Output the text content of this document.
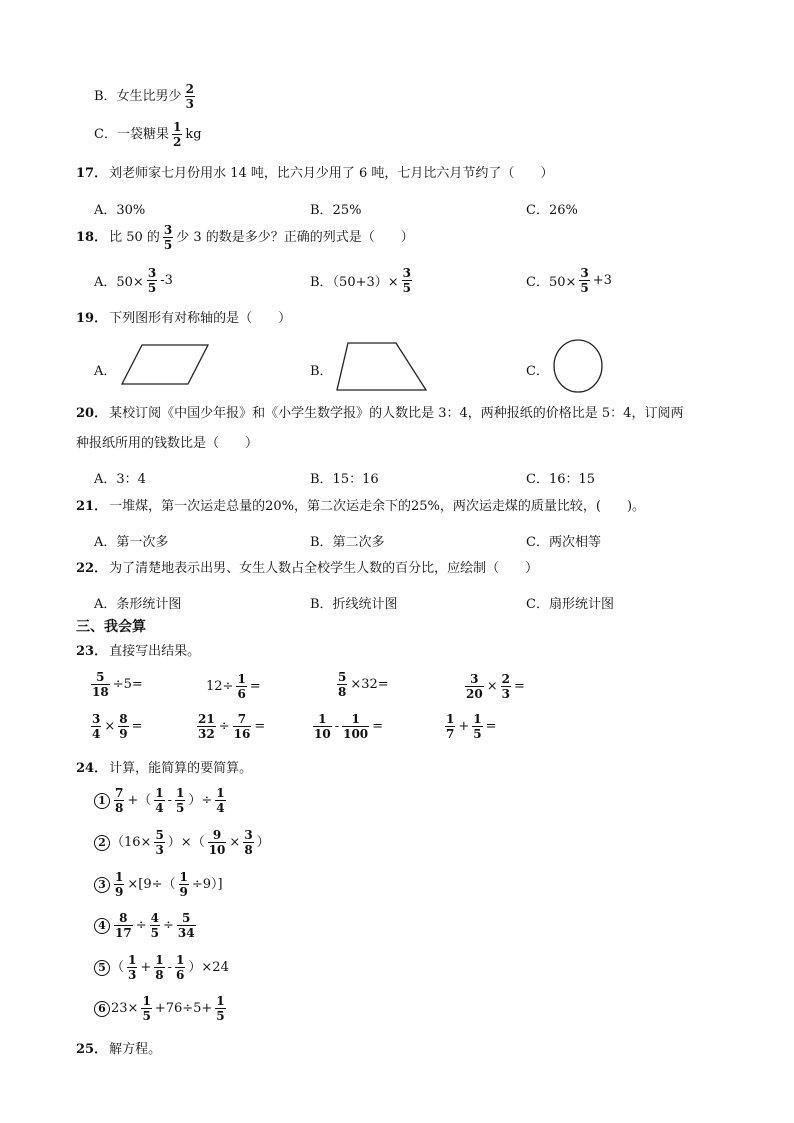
B．女生比男少 $\frac{2}{3}$
C．一袋糖果 $\frac{1}{2}$ kg
17． 刘老师家七月份用水 14 吨，比六月少用了 6 吨，七月比六月节约了（　　）
A．30%	B．25%	C．26%
18． 比 50 的 $\frac{3}{5}$ 少 3 的数是多少？正确的列式是（　　）
A．$50\times \frac{3}{5} -3$	B．$(50+3)\times \frac{3}{5}$	C．$50\times \frac{3}{5} +3$
19． 下列图形有对称轴的是（　　）
A．	B．	C．
20． 某校订阅《中国少年报》和《小学生数学报》的人数比是 3：4，两种报纸的价格比是 5：4，订阅两
种报纸所用的钱数比是（　　）
A．3：4	B．15：16	C．16：15
21． 一堆煤，第一次运走总量的20%，第二次运走余下的25%，两次运走煤的质量比较，(　　)。
A．第一次多	B．第二次多	C．两次相等
22． 为了清楚地表示出男、女生人数占全校学生人数的百分比，应绘制（　　）
A．条形统计图	B．折线统计图	C．扇形统计图
三、我会算
23． 直接写出结果。
$\frac{5}{18} \div 5=$	$12\div \frac{1}{6}$ =	$\frac{5}{8} \times 32=$	$\frac{3}{20} \times \frac{2}{3}$ =
$\frac{3}{4} \times \frac{8}{9}$ =	$\frac{21}{32} \div \frac{7}{16}$ =	$\frac{1}{10} - \frac{1}{100}$ =	$\frac{1}{7} + \frac{1}{5}$ =
24． 计算，能简算的要简算。
$1 \frac{7}{8}$ +（ $\frac{1}{4} - \frac{1}{5}$ ）÷ $\frac{1}{4}$
2 （$16\times \frac{5}{3}$ ）×（ $\frac{9}{10} \times \frac{3}{8}$ ）
$3 \frac{1}{9} \times[9\div( \frac{1}{9} \div 9)]$
$4 \frac{8}{17} \div \frac{4}{5} \div \frac{5}{34}$
5 （ $\frac{1}{3} + \frac{1}{8} - \frac{1}{6} )\times 24$
6 $23\times \frac{1}{5} +76\div 5+ \frac{1}{5}$
25． 解方程。
